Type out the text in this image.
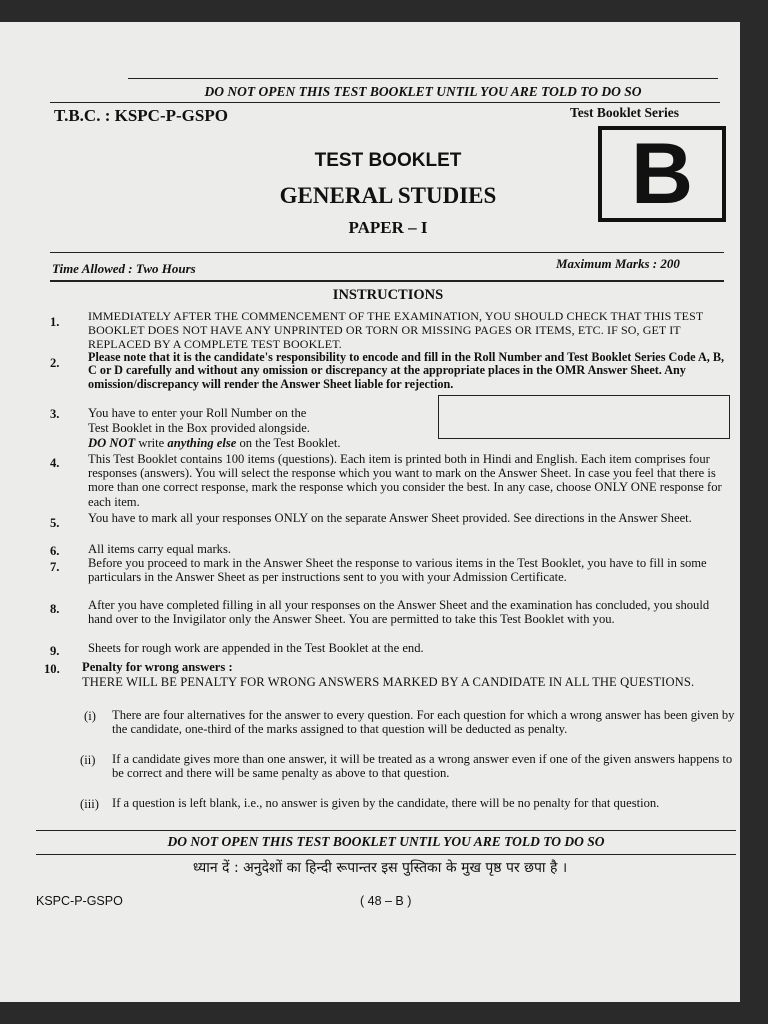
DO NOT OPEN THIS TEST BOOKLET UNTIL YOU ARE TOLD TO DO SO
T.B.C. : KSPC-P-GSPO	Test Booklet Series
B
TEST BOOKLET
GENERAL STUDIES
PAPER – I
Time Allowed : Two Hours	Maximum Marks : 200
INSTRUCTIONS
1.	IMMEDIATELY AFTER THE COMMENCEMENT OF THE EXAMINATION, YOU SHOULD CHECK THAT THIS TEST BOOKLET DOES NOT HAVE ANY UNPRINTED OR TORN OR MISSING PAGES OR ITEMS, ETC. IF SO, GET IT REPLACED BY A COMPLETE TEST BOOKLET.
2.	Please note that it is the candidate's responsibility to encode and fill in the Roll Number and Test Booklet Series Code A, B, C or D carefully and without any omission or discrepancy at the appropriate places in the OMR Answer Sheet. Any omission/discrepancy will render the Answer Sheet liable for rejection.
3.	You have to enter your Roll Number on the
Test Booklet in the Box provided alongside.
DO NOT write anything else on the Test Booklet.
4.	This Test Booklet contains 100 items (questions). Each item is printed both in Hindi and English. Each item comprises four responses (answers). You will select the response which you want to mark on the Answer Sheet. In case you feel that there is more than one correct response, mark the response which you consider the best. In any case, choose ONLY ONE response for each item.
5.	You have to mark all your responses ONLY on the separate Answer Sheet provided. See directions in the Answer Sheet.
6.	All items carry equal marks.
7.	Before you proceed to mark in the Answer Sheet the response to various items in the Test Booklet, you have to fill in some particulars in the Answer Sheet as per instructions sent to you with your Admission Certificate.
8.	After you have completed filling in all your responses on the Answer Sheet and the examination has concluded, you should hand over to the Invigilator only the Answer Sheet. You are permitted to take this Test Booklet with you.
9.	Sheets for rough work are appended in the Test Booklet at the end.
10.	Penalty for wrong answers :
THERE WILL BE PENALTY FOR WRONG ANSWERS MARKED BY A CANDIDATE IN ALL THE QUESTIONS.
(i) There are four alternatives for the answer to every question. For each question for which a wrong answer has been given by the candidate, one-third of the marks assigned to that question will be deducted as penalty.
(ii) If a candidate gives more than one answer, it will be treated as a wrong answer even if one of the given answers happens to be correct and there will be same penalty as above to that question.
(iii) If a question is left blank, i.e., no answer is given by the candidate, there will be no penalty for that question.
DO NOT OPEN THIS TEST BOOKLET UNTIL YOU ARE TOLD TO DO SO
ध्यान दें : अनुदेशों का हिन्दी रूपान्तर इस पुस्तिका के मुख पृष्ठ पर छपा है ।
KSPC-P-GSPO	( 48 – B )
